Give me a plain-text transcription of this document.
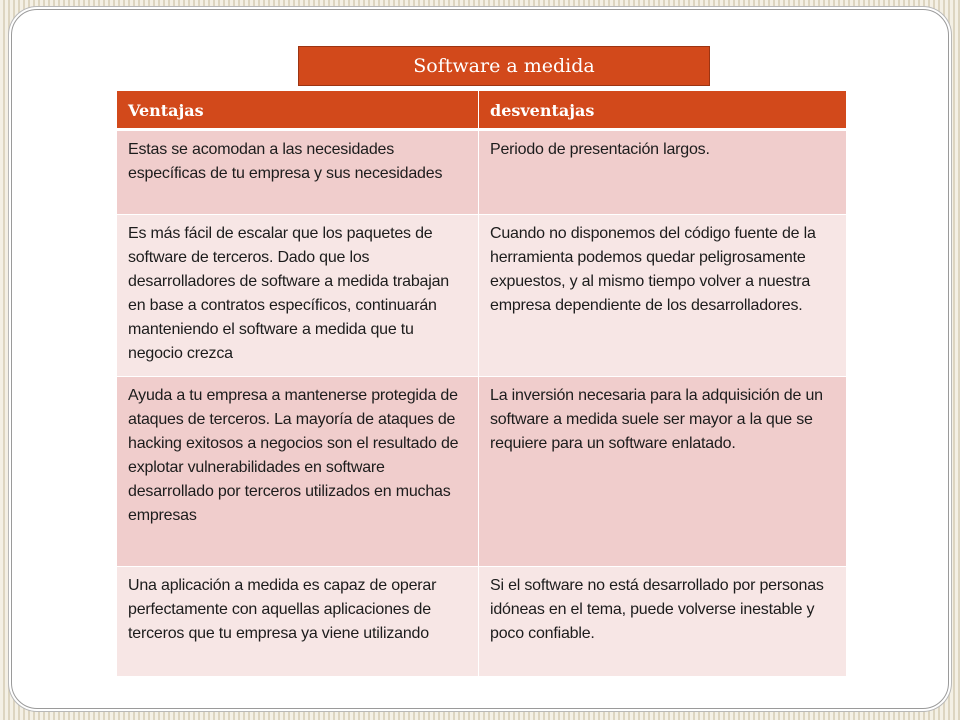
Software a medida
Ventajas	desventajas
Estas se acomodan a las necesidades específicas de tu empresa y sus necesidades	Periodo de presentación largos.
Es más fácil de escalar que los paquetes de software de terceros. Dado que los desarrolladores de software a medida trabajan en base a contratos específicos, continuarán manteniendo el software a medida que tu negocio crezca	Cuando no disponemos del código fuente de la herramienta podemos quedar peligrosamente expuestos, y al mismo tiempo volver a nuestra empresa dependiente de los desarrolladores.
Ayuda a tu empresa a mantenerse protegida de ataques de terceros. La mayoría de ataques de hacking exitosos a negocios son el resultado de explotar vulnerabilidades en software desarrollado por terceros utilizados en muchas empresas	La inversión necesaria para la adquisición de un software a medida suele ser mayor a la que se requiere para un software enlatado.
Una aplicación a medida es capaz de operar perfectamente con aquellas aplicaciones de terceros que tu empresa ya viene utilizando	Si el software no está desarrollado por personas idóneas en el tema, puede volverse inestable y poco confiable.
